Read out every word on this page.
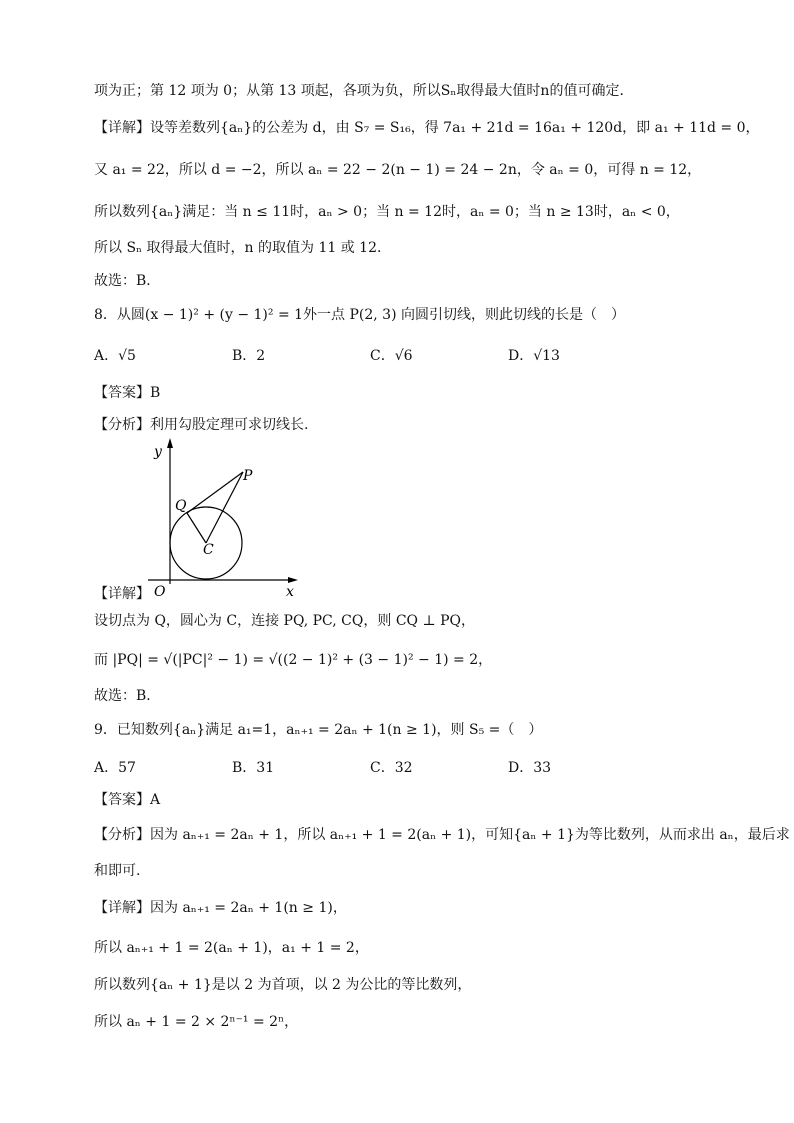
项为正；第 12 项为 0；从第 13 项起，各项为负，所以Sₙ取得最大值时n的值可确定．
【详解】设等差数列{aₙ}的公差为 d，由 S₇ = S₁₆，得 7a₁ + 21d = 16a₁ + 120d，即 a₁ + 11d = 0，
又 a₁ = 22，所以 d = −2，所以 aₙ = 22 − 2(n − 1) = 24 − 2n，令 aₙ = 0，可得 n = 12，
所以数列{aₙ}满足：当 n ≤ 11时，aₙ > 0；当 n = 12时，aₙ = 0；当 n ≥ 13时，aₙ < 0，
所以 Sₙ 取得最大值时，n 的取值为 11 或 12．
故选：B．
8．从圆(x − 1)² + (y − 1)² = 1外一点 P(2, 3) 向圆引切线，则此切线的长是（　）
A．√5	B．2	C．√6	D．√13
【答案】B
【分析】利用勾股定理可求切线长.
y
x
O
P
Q
C
【详解】
设切点为 Q，圆心为 C，连接 PQ, PC, CQ，则 CQ ⊥ PQ，
而 |PQ| = √(|PC|² − 1) = √((2 − 1)² + (3 − 1)² − 1) = 2，
故选：B．
9．已知数列{aₙ}满足 a₁=1，aₙ₊₁ = 2aₙ + 1(n ≥ 1)，则 S₅ =（　）
A．57	B．31	C．32	D．33
【答案】A
【分析】因为 aₙ₊₁ = 2aₙ + 1，所以 aₙ₊₁ + 1 = 2(aₙ + 1)，可知{aₙ + 1}为等比数列，从而求出 aₙ，最后求
和即可.
【详解】因为 aₙ₊₁ = 2aₙ + 1(n ≥ 1)，
所以 aₙ₊₁ + 1 = 2(aₙ + 1)，a₁ + 1 = 2，
所以数列{aₙ + 1}是以 2 为首项，以 2 为公比的等比数列，
所以 aₙ + 1 = 2 × 2ⁿ⁻¹ = 2ⁿ，
